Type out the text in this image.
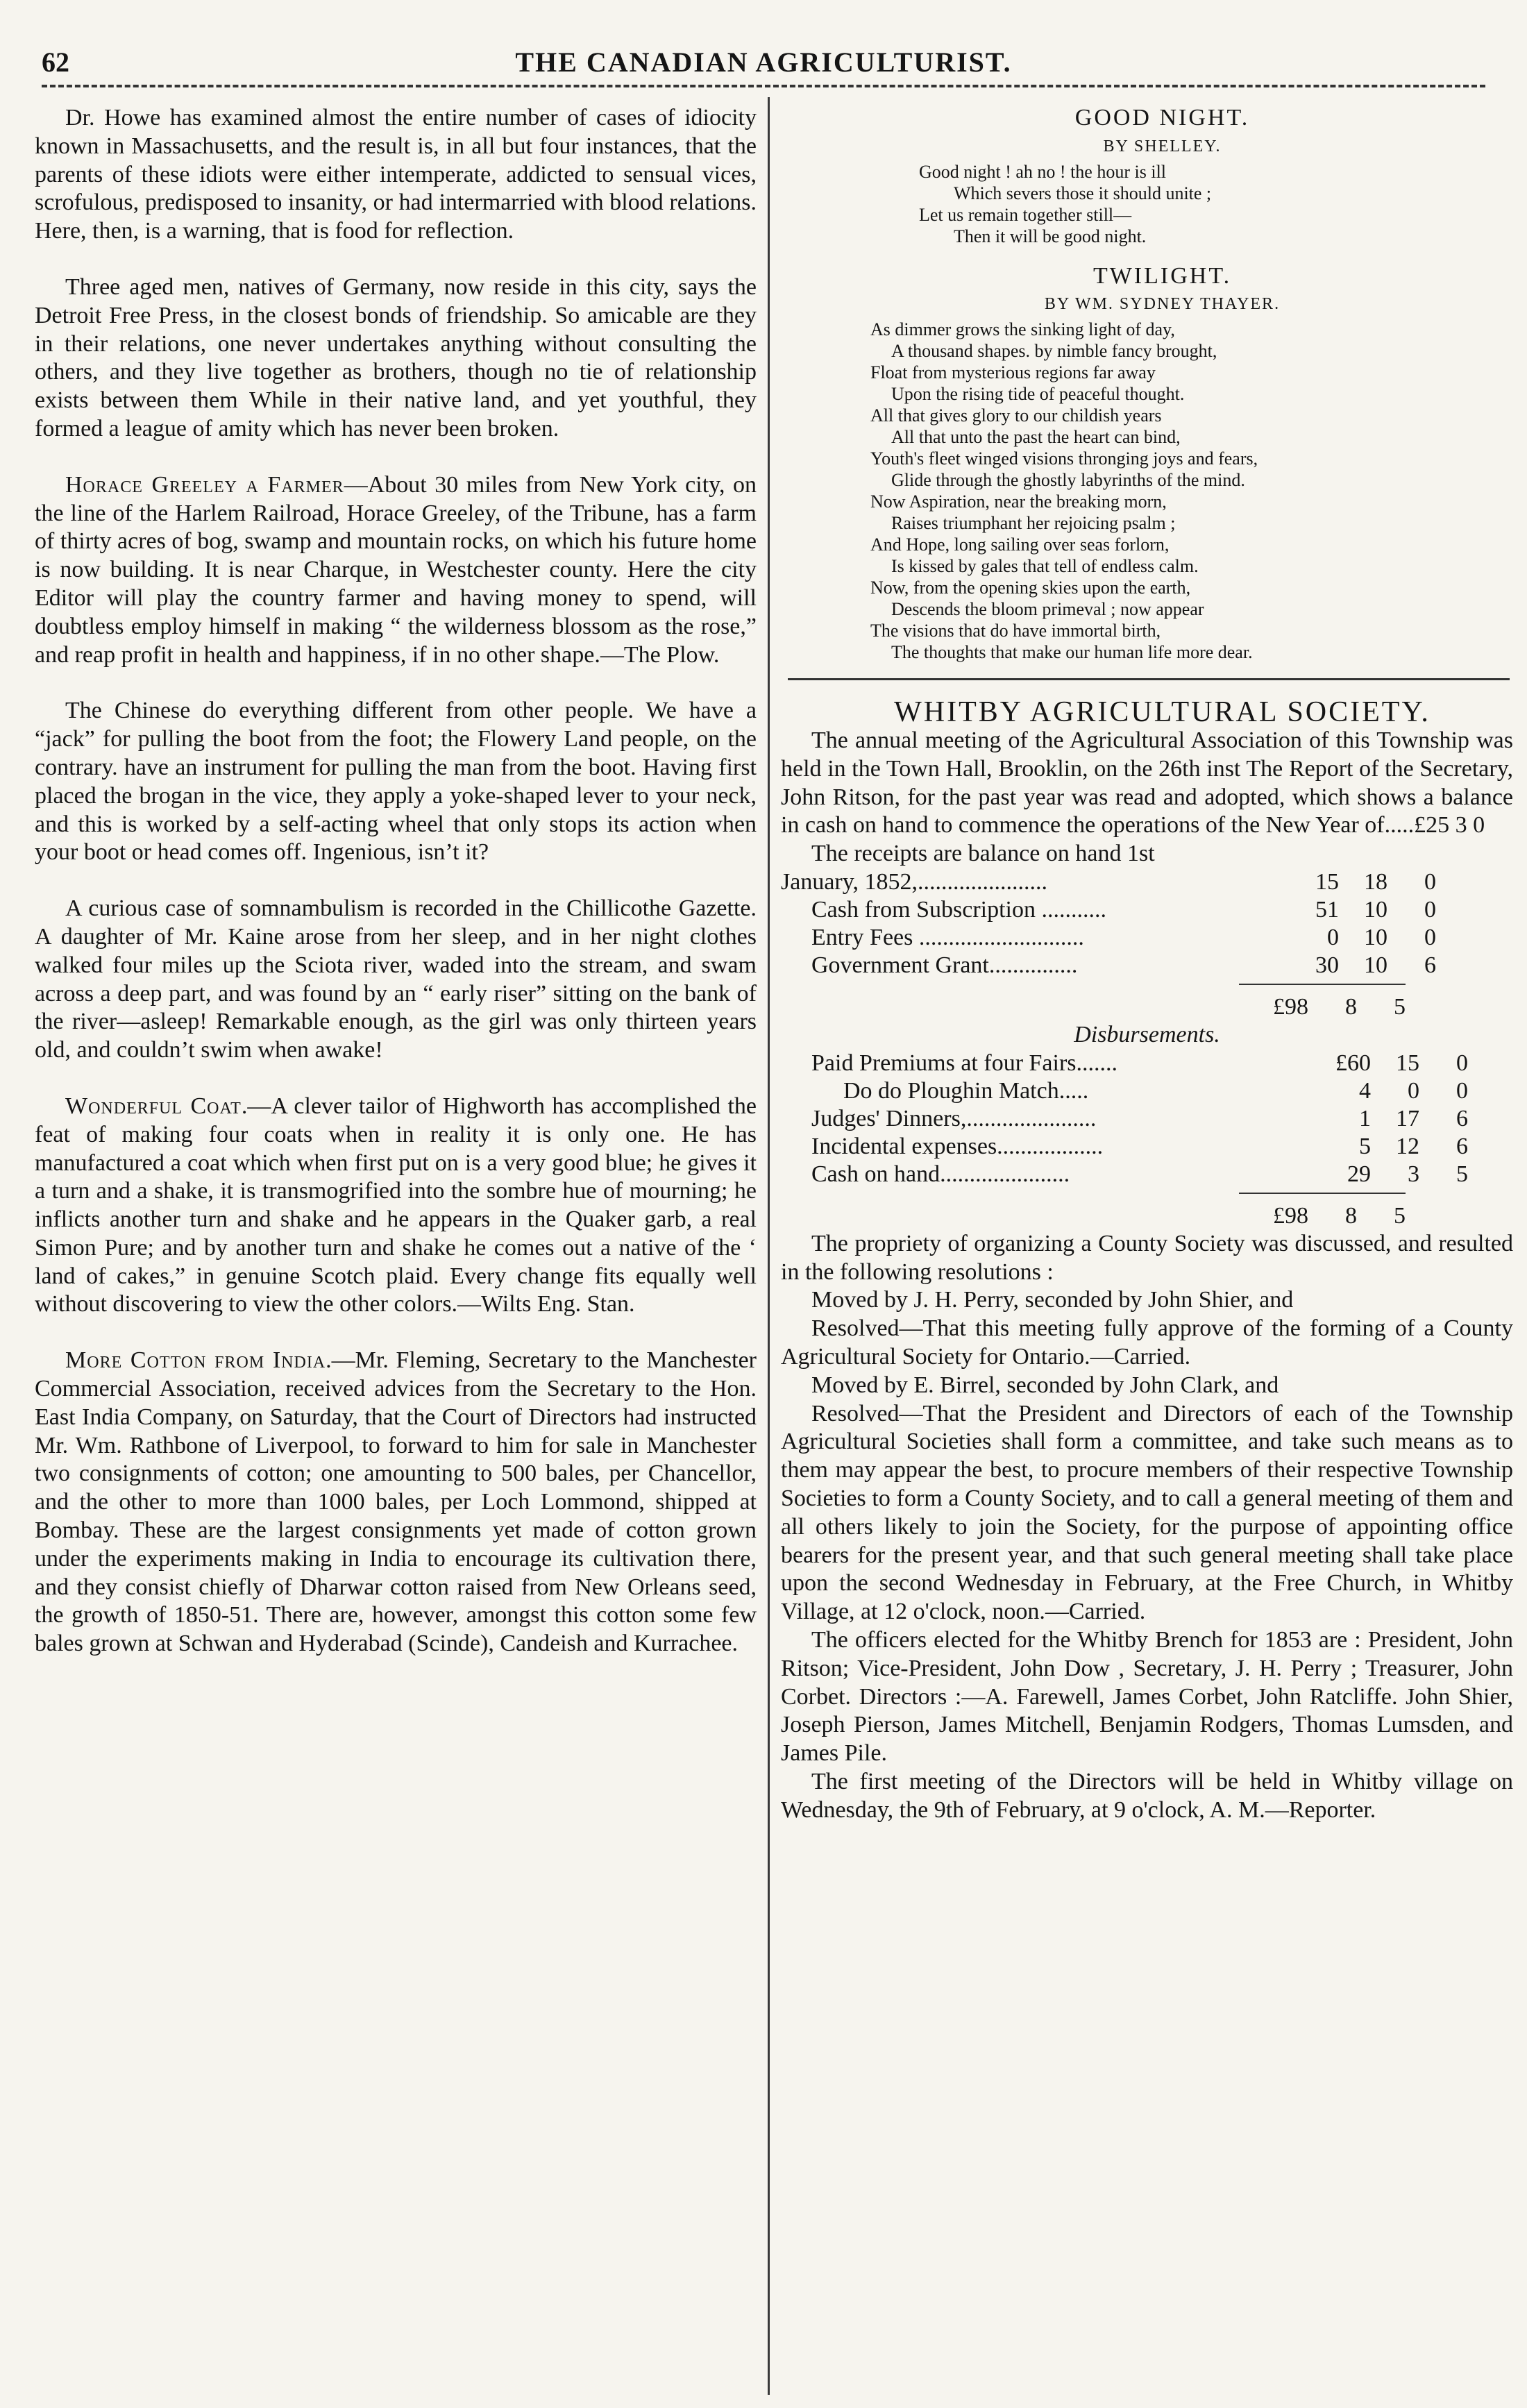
62	THE CANADIAN AGRICULTURIST.

Dr. Howe has examined almost the entire number of cases of idiocity known in Massachusetts, and the result is, in all but four instances, that the parents of these idiots were either intemperate, addicted to sensual vices, scrofulous, predisposed to insanity, or had intermarried with blood relations. Here, then, is a warning, that is food for reflection.

Three aged men, natives of Germany, now reside in this city, says the Detroit Free Press, in the closest bonds of friendship. So amicable are they in their relations, one never undertakes anything without consulting the others, and they live together as brothers, though no tie of relationship exists between them While in their native land, and yet youthful, they formed a league of amity which has never been broken.

Horace Greeley a Farmer—About 30 miles from New York city, on the line of the Harlem Railroad, Horace Greeley, of the Tribune, has a farm of thirty acres of bog, swamp and mountain rocks, on which his future home is now building. It is near Charque, in Westchester county. Here the city Editor will play the country farmer and having money to spend, will doubtless employ himself in making “ the wilderness blossom as the rose,” and reap profit in health and happiness, if in no other shape.—The Plow.

The Chinese do everything different from other people. We have a “jack” for pulling the boot from the foot; the Flowery Land people, on the contrary. have an instrument for pulling the man from the boot. Having first placed the brogan in the vice, they apply a yoke-shaped lever to your neck, and this is worked by a self-acting wheel that only stops its action when your boot or head comes off. Ingenious, isn’t it?

A curious case of somnambulism is recorded in the Chillicothe Gazette. A daughter of Mr. Kaine arose from her sleep, and in her night clothes walked four miles up the Sciota river, waded into the stream, and swam across a deep part, and was found by an “ early riser” sitting on the bank of the river—asleep! Remarkable enough, as the girl was only thirteen years old, and couldn’t swim when awake!

Wonderful Coat.—A clever tailor of Highworth has accomplished the feat of making four coats when in reality it is only one. He has manufactured a coat which when first put on is a very good blue; he gives it a turn and a shake, it is transmogrified into the sombre hue of mourning; he inflicts another turn and shake and he appears in the Quaker garb, a real Simon Pure; and by another turn and shake he comes out a native of the ‘ land of cakes,” in genuine Scotch plaid. Every change fits equally well without discovering to view the other colors.—Wilts Eng. Stan.

More Cotton from India.—Mr. Fleming, Secretary to the Manchester Commercial Association, received advices from the Secretary to the Hon. East India Company, on Saturday, that the Court of Directors had instructed Mr. Wm. Rathbone of Liverpool, to forward to him for sale in Manchester two consignments of cotton; one amounting to 500 bales, per Chancellor, and the other to more than 1000 bales, per Loch Lommond, shipped at Bombay. These are the largest consignments yet made of cotton grown under the experiments making in India to encourage its cultivation there, and they consist chiefly of Dharwar cotton raised from New Orleans seed, the growth of 1850-51. There are, however, amongst this cotton some few bales grown at Schwan and Hyderabad (Scinde), Candeish and Kurrachee.

GOOD NIGHT.

BY SHELLEY.

Good night ! ah no ! the hour is ill

Which severs those it should unite ;

Let us remain together still—

Then it will be good night.

TWILIGHT.

BY WM. SYDNEY THAYER.

As dimmer grows the sinking light of day,

A thousand shapes. by nimble fancy brought,

Float from mysterious regions far away

Upon the rising tide of peaceful thought.

All that gives glory to our childish years

All that unto the past the heart can bind,

Youth's fleet winged visions thronging joys and fears,

Glide through the ghostly labyrinths of the mind.

Now Aspiration, near the breaking morn,

Raises triumphant her rejoicing psalm ;

And Hope, long sailing over seas forlorn,

Is kissed by gales that tell of endless calm.

Now, from the opening skies upon the earth,

Descends the bloom primeval ; now appear

The visions that do have immortal birth,

The thoughts that make our human life more dear.

WHITBY AGRICULTURAL SOCIETY.

The annual meeting of the Agricultural Association of this Township was held in the Town Hall, Brooklin, on the 26th inst The Report of the Secretary, John Ritson, for the past year was read and adopted, which shows a balance in cash on hand to commence the operations of the New Year of.....£25 3 0

The receipts are balance on hand 1st

January, 1852,......................	15	18	0
Cash from Subscription ...........	51	10	0
Entry Fees ............................	0	10	0
Government Grant...............	30	10	6
	£98	8	5

Disbursements.

Paid Premiums at four Fairs.......	£60	15	0
Do do Ploughin Match.....	4	0	0
Judges' Dinners,......................	1	17	6
Incidental expenses..................	5	12	6
Cash on hand......................	29	3	5
	£98	8	5

The propriety of organizing a County Society was discussed, and resulted in the following resolutions :

Moved by J. H. Perry, seconded by John Shier, and

Resolved—That this meeting fully approve of the forming of a County Agricultural Society for Ontario.—Carried.

Moved by E. Birrel, seconded by John Clark, and

Resolved—That the President and Directors of each of the Township Agricultural Societies shall form a committee, and take such means as to them may appear the best, to procure members of their respective Township Societies to form a County Society, and to call a general meeting of them and all others likely to join the Society, for the purpose of appointing office bearers for the present year, and that such general meeting shall take place upon the second Wednesday in February, at the Free Church, in Whitby Village, at 12 o'clock, noon.—Carried.

The officers elected for the Whitby Brench for 1853 are : President, John Ritson; Vice-President, John Dow , Secretary, J. H. Perry ; Treasurer, John Corbet. Directors :—A. Farewell, James Corbet, John Ratcliffe. John Shier, Joseph Pierson, James Mitchell, Benjamin Rodgers, Thomas Lumsden, and James Pile.

The first meeting of the Directors will be held in Whitby village on Wednesday, the 9th of February, at 9 o'clock, A. M.—Reporter.
